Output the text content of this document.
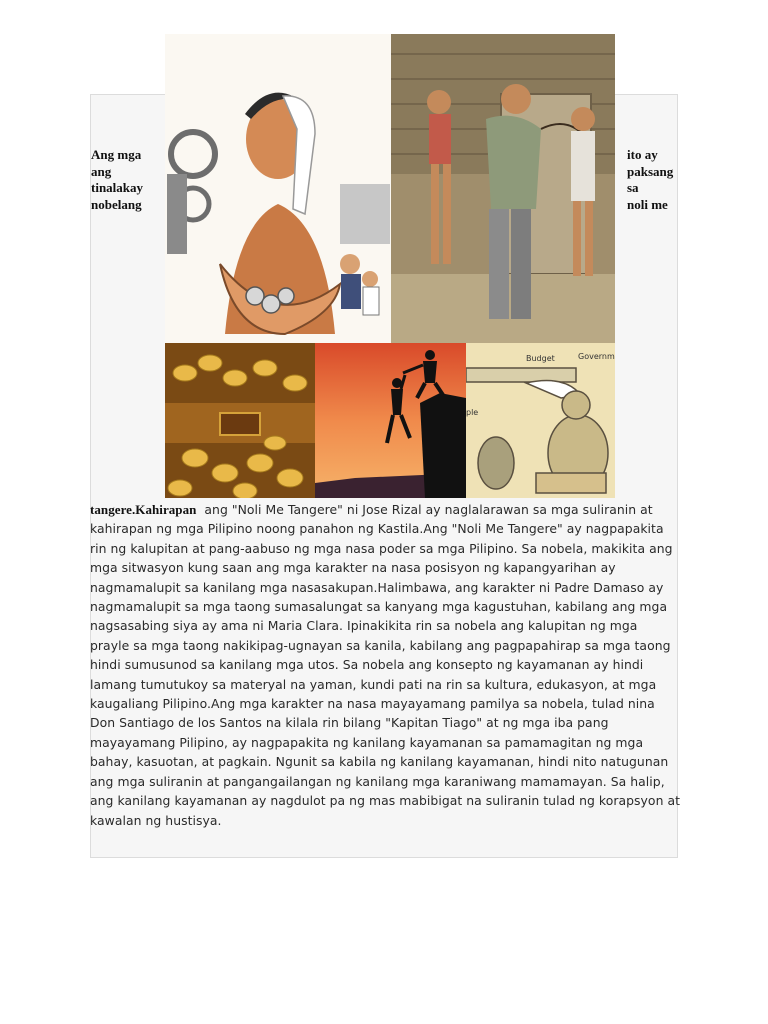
Ang mga
ang
tinalakay
nobelang
ito ay
paksang
sa
noli me
Budget	Governm
ple

tangere.Kahirapan ang "Noli Me Tangere" ni Jose Rizal ay naglalarawan sa mga suliranin at kahirapan ng mga Pilipino noong panahon ng Kastila.Ang "Noli Me Tangere" ay nagpapakita rin ng kalupitan at pang-aabuso ng mga nasa poder sa mga Pilipino. Sa nobela, makikita ang mga sitwasyon kung saan ang mga karakter na nasa posisyon ng kapangyarihan ay nagmamalupit sa kanilang mga nasasakupan.Halimbawa, ang karakter ni Padre Damaso ay nagmamalupit sa mga taong sumasalungat sa kanyang mga kagustuhan, kabilang ang mga nagsasabing siya ay ama ni Maria Clara. Ipinakikita rin sa nobela ang kalupitan ng mga prayle sa mga taong nakikipag-ugnayan sa kanila, kabilang ang pagpapahirap sa mga taong hindi sumusunod sa kanilang mga utos. Sa nobela ang konsepto ng kayamanan ay hindi lamang tumutukoy sa materyal na yaman, kundi pati na rin sa kultura, edukasyon, at mga kaugaliang Pilipino.Ang mga karakter na nasa mayayamang pamilya sa nobela, tulad nina Don Santiago de los Santos na kilala rin bilang "Kapitan Tiago" at ng mga iba pang mayayamang Pilipino, ay nagpapakita ng kanilang kayamanan sa pamamagitan ng mga bahay, kasuotan, at pagkain. Ngunit sa kabila ng kanilang kayamanan, hindi nito natugunan ang mga suliranin at pangangailangan ng kanilang mga karaniwang mamamayan. Sa halip, ang kanilang kayamanan ay nagdulot pa ng mas mabibigat na suliranin tulad ng korapsyon at kawalan ng hustisya.
